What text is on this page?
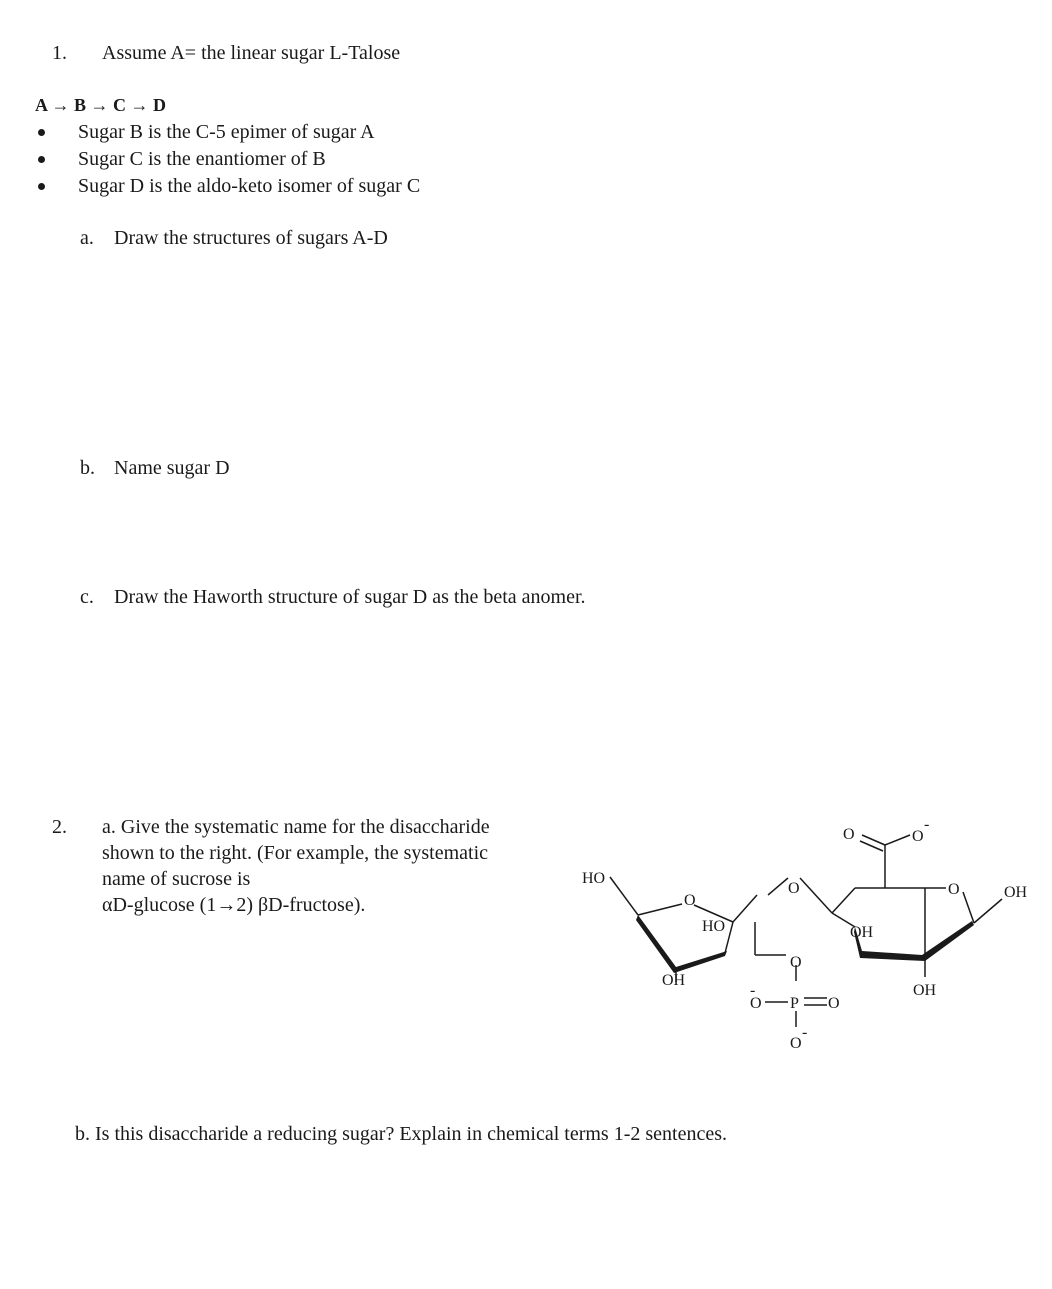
1. Assume A= the linear sugar L-Talose
A → B → C → D
Sugar B is the C-5 epimer of sugar A
Sugar C is the enantiomer of B
Sugar D is the aldo-keto isomer of sugar C
a. Draw the structures of sugars A-D
b. Name sugar D
c. Draw the Haworth structure of sugar D as the beta anomer.
2. a. Give the systematic name for the disaccharide
shown to the right. (For example, the systematic
name of sucrose is
αD-glucose (1→2) βD-fructose).
HO
O
HO
OH
O
O
O P O
O
-
-
O	O
-
O	OH
OH
OH
b. Is this disaccharide a reducing sugar? Explain in chemical terms 1-2 sentences.
